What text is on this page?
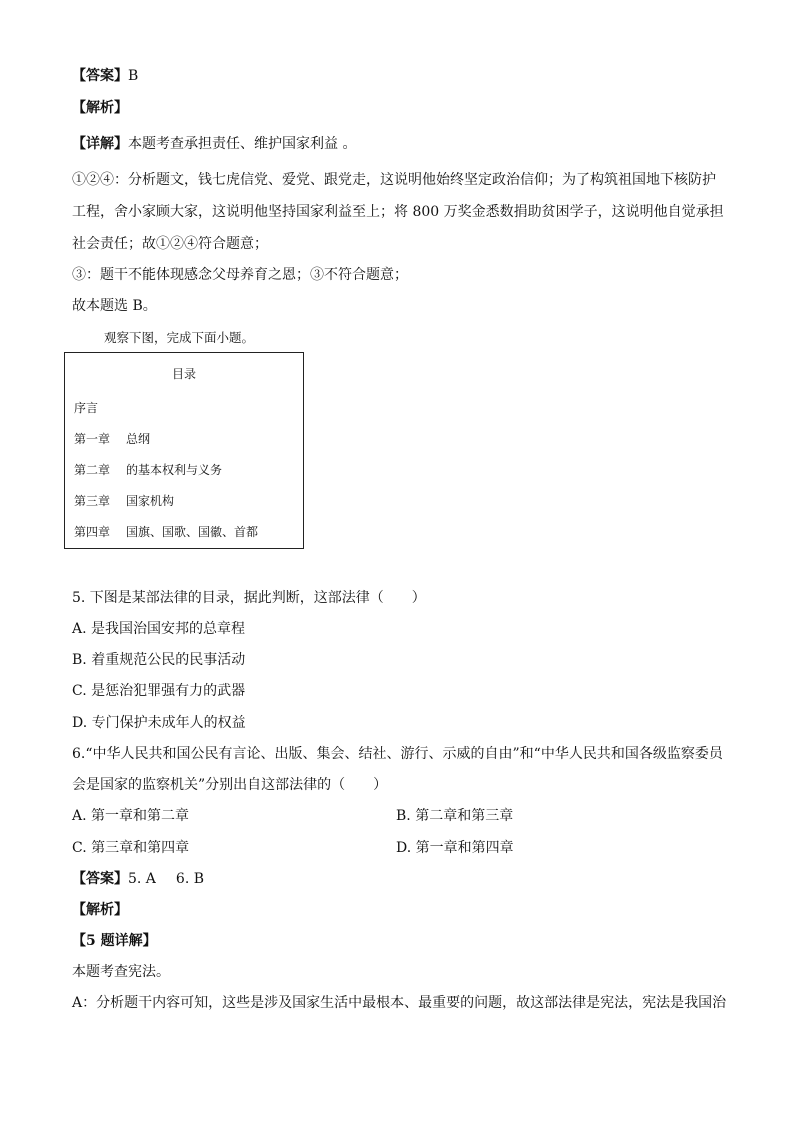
【答案】B
【解析】
【详解】本题考查承担责任、维护国家利益 。
①②④：分析题文，钱七虎信党、爱党、跟党走，这说明他始终坚定政治信仰；为了构筑祖国地下核防护
工程，舍小家顾大家，这说明他坚持国家利益至上；将 800 万奖金悉数捐助贫困学子，这说明他自觉承担
社会责任；故①②④符合题意；
③：题干不能体现感念父母养育之恩；③不符合题意；
故本题选 B。
观察下图，完成下面小题。
目录
序言
第一章 总纲
第二章 的基本权利与义务
第三章 国家机构
第四章 国旗、国歌、国徽、首都
5. 下图是某部法律的目录，据此判断，这部法律（　　）
A. 是我国治国安邦的总章程
B. 着重规范公民的民事活动
C. 是惩治犯罪强有力的武器
D. 专门保护未成年人的权益
6.“中华人民共和国公民有言论、出版、集会、结社、游行、示威的自由”和“中华人民共和国各级监察委员
会是国家的监察机关”分别出自这部法律的（　　）
A. 第一章和第二章	B. 第二章和第三章
C. 第三章和第四章	D. 第一章和第四章
【答案】5. A 6. B
【解析】
【5 题详解】
本题考查宪法。
A：分析题干内容可知，这些是涉及国家生活中最根本、最重要的问题，故这部法律是宪法，宪法是我国治
